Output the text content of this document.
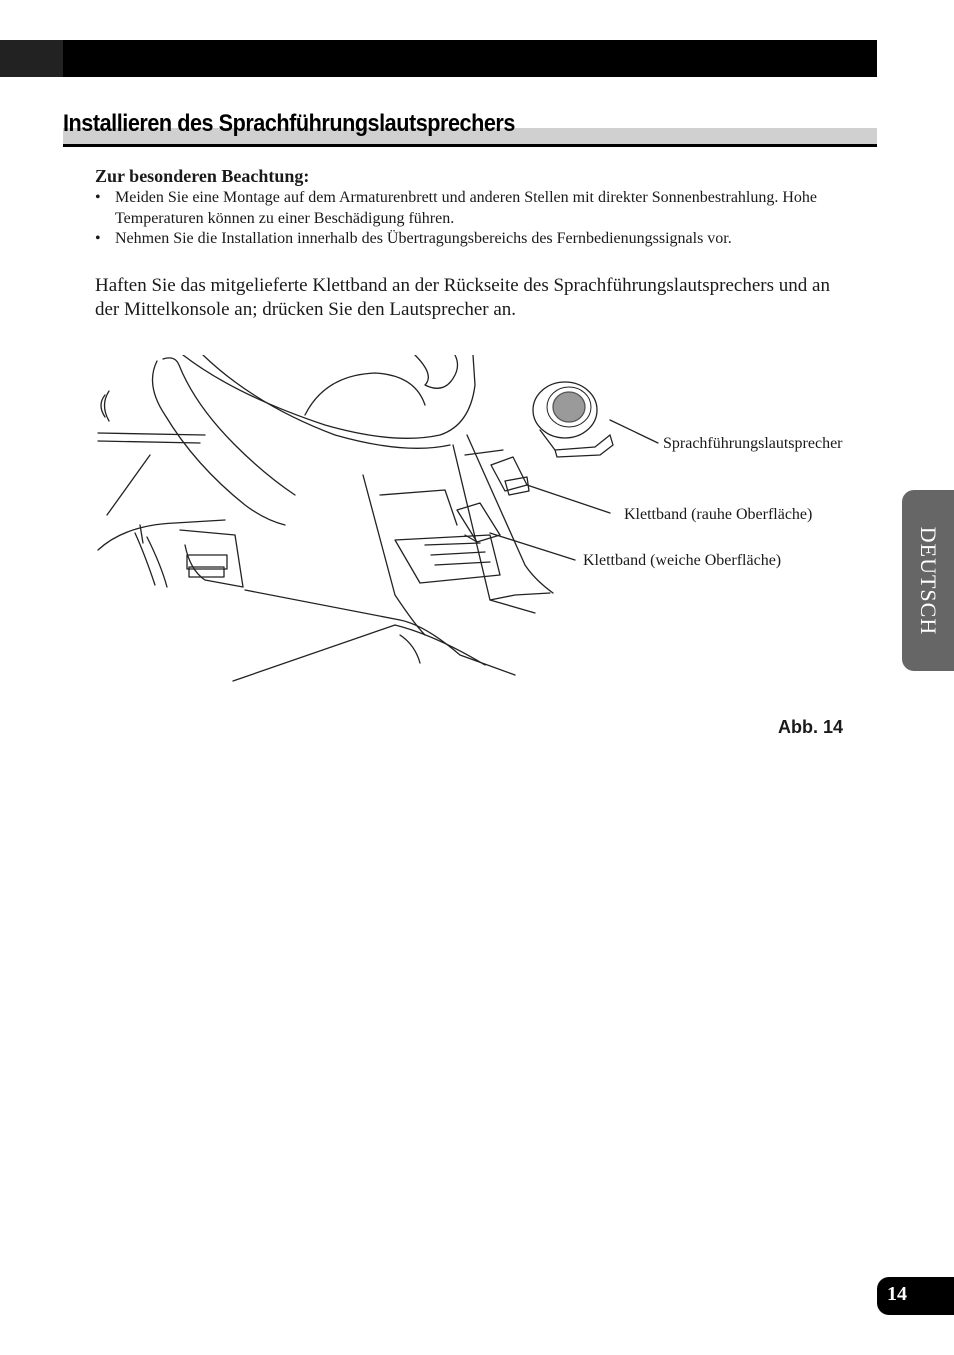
Installieren des Sprachführungslautsprechers
Zur besonderen Beachtung:
• Meiden Sie eine Montage auf dem Armaturenbrett und anderen Stellen mit direkter Sonnenbestrahlung. Hohe Temperaturen können zu einer Beschädigung führen.
• Nehmen Sie die Installation innerhalb des Übertragungsbereichs des Fernbedienungssignals vor.

Haften Sie das mitgelieferte Klettband an der Rückseite des Sprachführungslautsprechers und an der Mittelkonsole an; drücken Sie den Lautsprecher an.

Sprachführungslautsprecher
Klettband (rauhe Oberfläche)
Klettband (weiche Oberfläche)
Abb. 14
DEUTSCH
14
